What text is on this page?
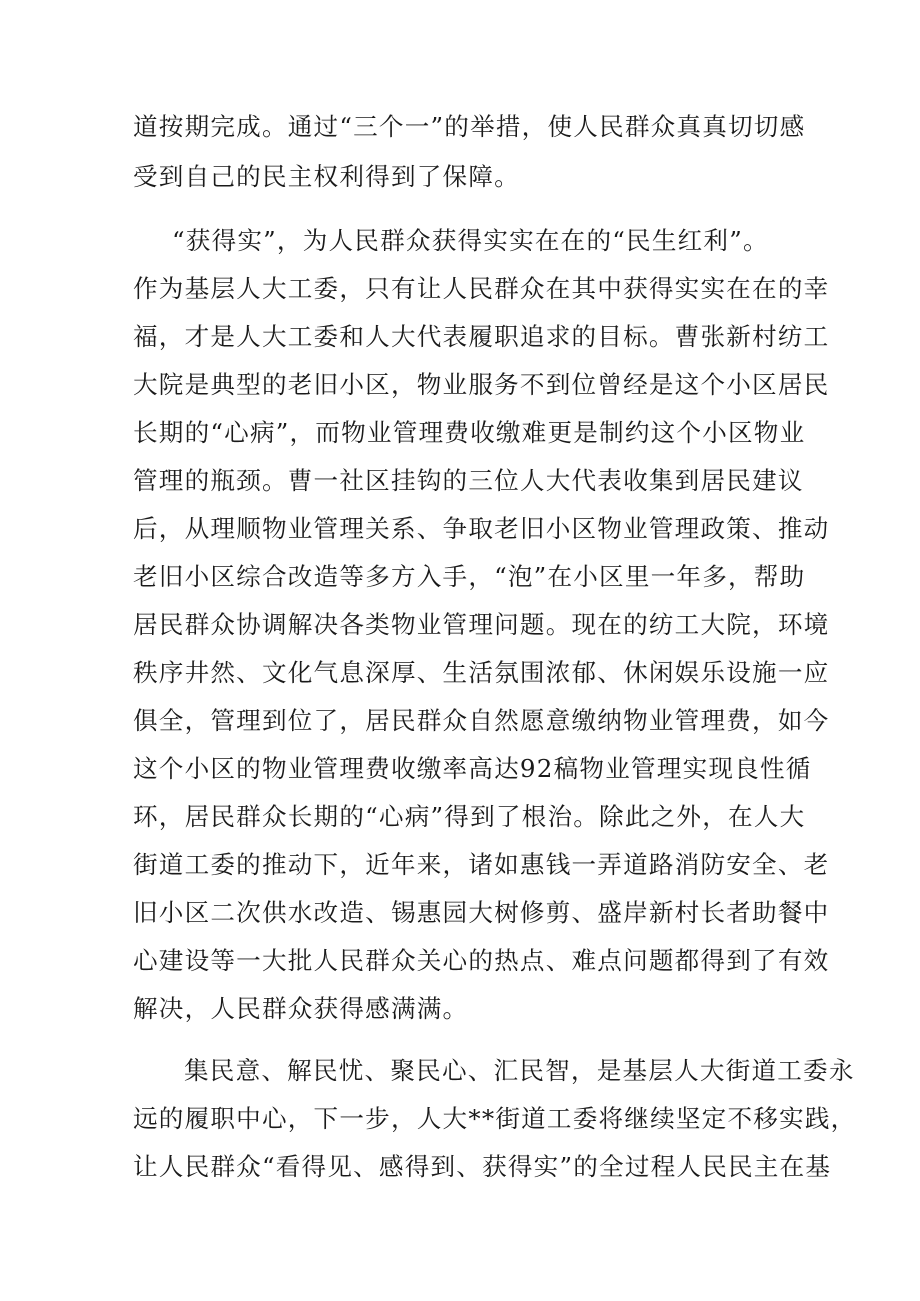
道按期完成。通过“三个一”的举措，使人民群众真真切切感
受到自己的民主权利得到了保障。
“获得实”，为人民群众获得实实在在的“民生红利”。
作为基层人大工委，只有让人民群众在其中获得实实在在的幸
福，才是人大工委和人大代表履职追求的目标。曹张新村纺工
大院是典型的老旧小区，物业服务不到位曾经是这个小区居民
长期的“心病”，而物业管理费收缴难更是制约这个小区物业
管理的瓶颈。曹一社区挂钩的三位人大代表收集到居民建议
后，从理顺物业管理关系、争取老旧小区物业管理政策、推动
老旧小区综合改造等多方入手，“泡”在小区里一年多，帮助
居民群众协调解决各类物业管理问题。现在的纺工大院，环境
秩序井然、文化气息深厚、生活氛围浓郁、休闲娱乐设施一应
俱全，管理到位了，居民群众自然愿意缴纳物业管理费，如今
这个小区的物业管理费收缴率高达92稿物业管理实现良性循
环，居民群众长期的“心病”得到了根治。除此之外，在人大
街道工委的推动下，近年来，诸如惠钱一弄道路消防安全、老
旧小区二次供水改造、锡惠园大树修剪、盛岸新村长者助餐中
心建设等一大批人民群众关心的热点、难点问题都得到了有效
解决，人民群众获得感满满。
集民意、解民忧、聚民心、汇民智，是基层人大街道工委永
远的履职中心，下一步，人大**街道工委将继续坚定不移实践，
让人民群众“看得见、感得到、获得实”的全过程人民民主在基
